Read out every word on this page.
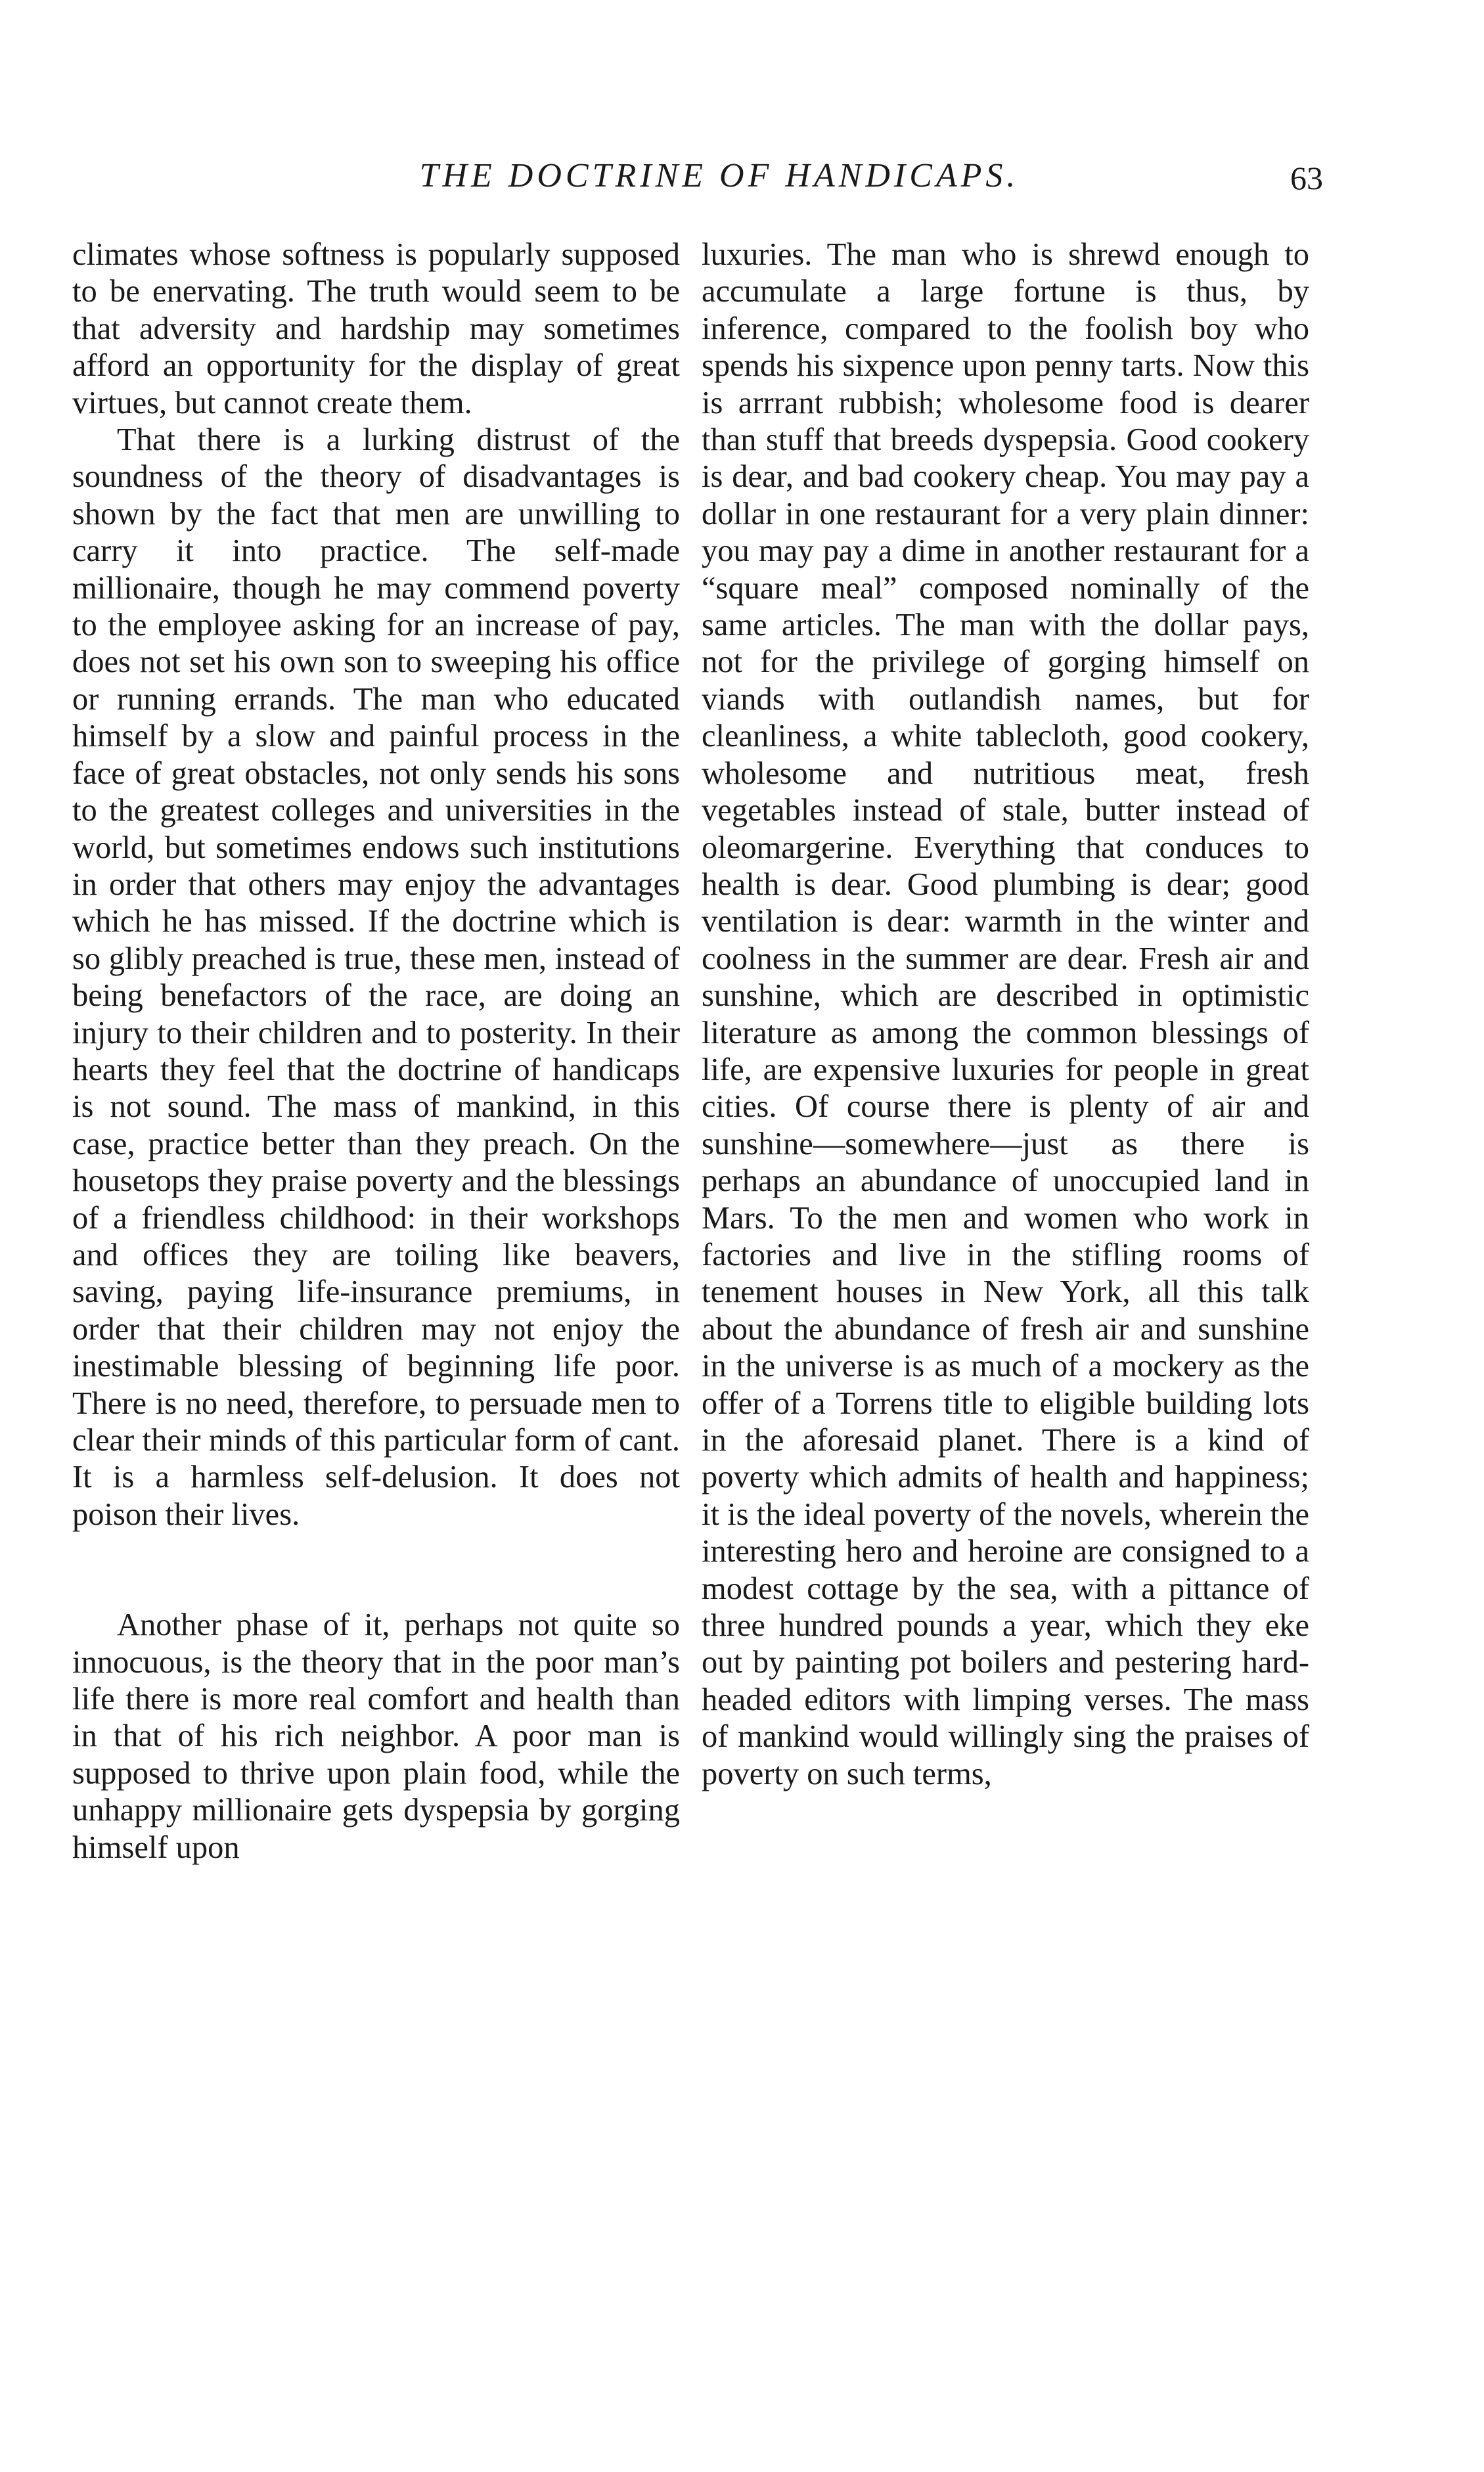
THE DOCTRINE OF HANDICAPS.	63

climates whose softness is popularly supposed to be enervating. The truth would seem to be that adversity and hardship may sometimes afford an opportunity for the display of great virtues, but cannot create them.

That there is a lurking distrust of the soundness of the theory of disadvantages is shown by the fact that men are unwilling to carry it into practice. The self-made millionaire, though he may commend poverty to the employee asking for an increase of pay, does not set his own son to sweeping his office or running errands. The man who educated himself by a slow and painful process in the face of great obstacles, not only sends his sons to the greatest colleges and universities in the world, but sometimes endows such institutions in order that others may enjoy the advantages which he has missed. If the doctrine which is so glibly preached is true, these men, instead of being benefactors of the race, are doing an injury to their children and to posterity. In their hearts they feel that the doctrine of handicaps is not sound. The mass of mankind, in this case, practice better than they preach. On the housetops they praise poverty and the blessings of a friendless childhood: in their workshops and offices they are toiling like beavers, saving, paying life-insurance premiums, in order that their children may not enjoy the inestimable blessing of beginning life poor. There is no need, therefore, to persuade men to clear their minds of this particular form of cant. It is a harmless self-delusion. It does not poison their lives.

Another phase of it, perhaps not quite so innocuous, is the theory that in the poor man’s life there is more real comfort and health than in that of his rich neighbor. A poor man is supposed to thrive upon plain food, while the unhappy millionaire gets dyspepsia by gorging himself upon

luxuries. The man who is shrewd enough to accumulate a large fortune is thus, by inference, compared to the foolish boy who spends his sixpence upon penny tarts. Now this is arrrant rubbish; wholesome food is dearer than stuff that breeds dyspepsia. Good cookery is dear, and bad cookery cheap. You may pay a dollar in one restaurant for a very plain dinner: you may pay a dime in another restaurant for a “square meal” composed nominally of the same articles. The man with the dollar pays, not for the privilege of gorging himself on viands with outlandish names, but for cleanliness, a white tablecloth, good cookery, wholesome and nutritious meat, fresh vegetables instead of stale, butter instead of oleomargerine. Everything that conduces to health is dear. Good plumbing is dear; good ventilation is dear: warmth in the winter and coolness in the summer are dear. Fresh air and sunshine, which are described in optimistic literature as among the common blessings of life, are expensive luxuries for people in great cities. Of course there is plenty of air and sunshine—somewhere—just as there is perhaps an abundance of unoccupied land in Mars. To the men and women who work in factories and live in the stifling rooms of tenement houses in New York, all this talk about the abundance of fresh air and sunshine in the universe is as much of a mockery as the offer of a Torrens title to eligible building lots in the aforesaid planet. There is a kind of poverty which admits of health and happiness; it is the ideal poverty of the novels, wherein the interesting hero and heroine are consigned to a modest cottage by the sea, with a pittance of three hundred pounds a year, which they eke out by painting pot boilers and pestering hard-headed editors with limping verses. The mass of mankind would willingly sing the praises of poverty on such terms,
